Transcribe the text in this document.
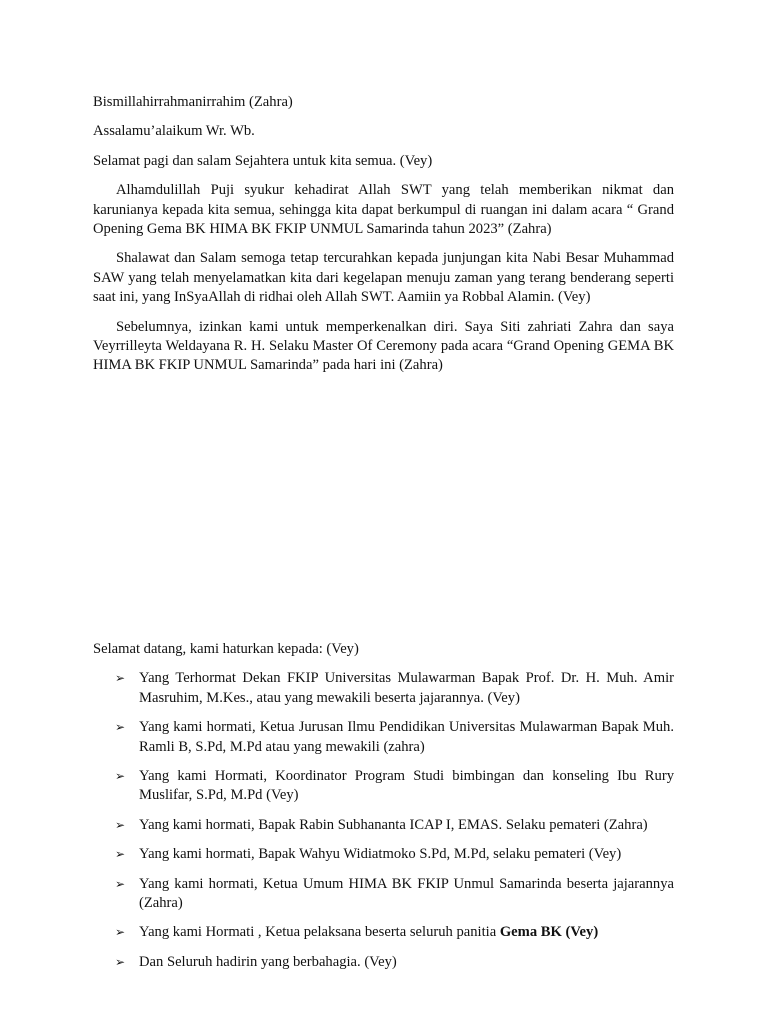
Bismillahirrahmanirrahim (Zahra)

Assalamu’alaikum Wr. Wb.

Selamat pagi dan salam Sejahtera untuk kita semua. (Vey)

Alhamdulillah Puji syukur kehadirat Allah SWT yang telah memberikan nikmat dan karunianya kepada kita semua, sehingga kita dapat berkumpul di ruangan ini dalam acara “ Grand Opening Gema BK HIMA BK FKIP UNMUL Samarinda tahun 2023” (Zahra)

Shalawat dan Salam semoga tetap tercurahkan kepada junjungan kita Nabi Besar Muhammad SAW yang telah menyelamatkan kita dari kegelapan menuju zaman yang terang benderang seperti saat ini, yang InSyaAllah di ridhai oleh Allah SWT. Aamiin ya Robbal Alamin. (Vey)

Sebelumnya, izinkan kami untuk memperkenalkan diri. Saya Siti zahriati Zahra dan saya Veyrrilleyta Weldayana R. H. Selaku Master Of Ceremony pada acara “Grand Opening GEMA BK HIMA BK FKIP UNMUL Samarinda” pada hari ini (Zahra)

Selamat datang, kami haturkan kepada: (Vey)

➢ Yang Terhormat Dekan FKIP Universitas Mulawarman Bapak Prof. Dr. H. Muh. Amir Masruhim, M.Kes., atau yang mewakili beserta jajarannya. (Vey)
➢ Yang kami hormati, Ketua Jurusan Ilmu Pendidikan Universitas Mulawarman Bapak Muh. Ramli B, S.Pd, M.Pd atau yang mewakili (zahra)
➢ Yang kami Hormati, Koordinator Program Studi bimbingan dan konseling Ibu Rury Muslifar, S.Pd, M.Pd (Vey)
➢ Yang kami hormati, Bapak Rabin Subhananta ICAP I, EMAS. Selaku pemateri (Zahra)
➢ Yang kami hormati, Bapak Wahyu Widiatmoko S.Pd, M.Pd, selaku pemateri (Vey)
➢ Yang kami hormati, Ketua Umum HIMA BK FKIP Unmul Samarinda beserta jajarannya (Zahra)
➢ Yang kami Hormati , Ketua pelaksana beserta seluruh panitia Gema BK (Vey)
➢ Dan Seluruh hadirin yang berbahagia. (Vey)
